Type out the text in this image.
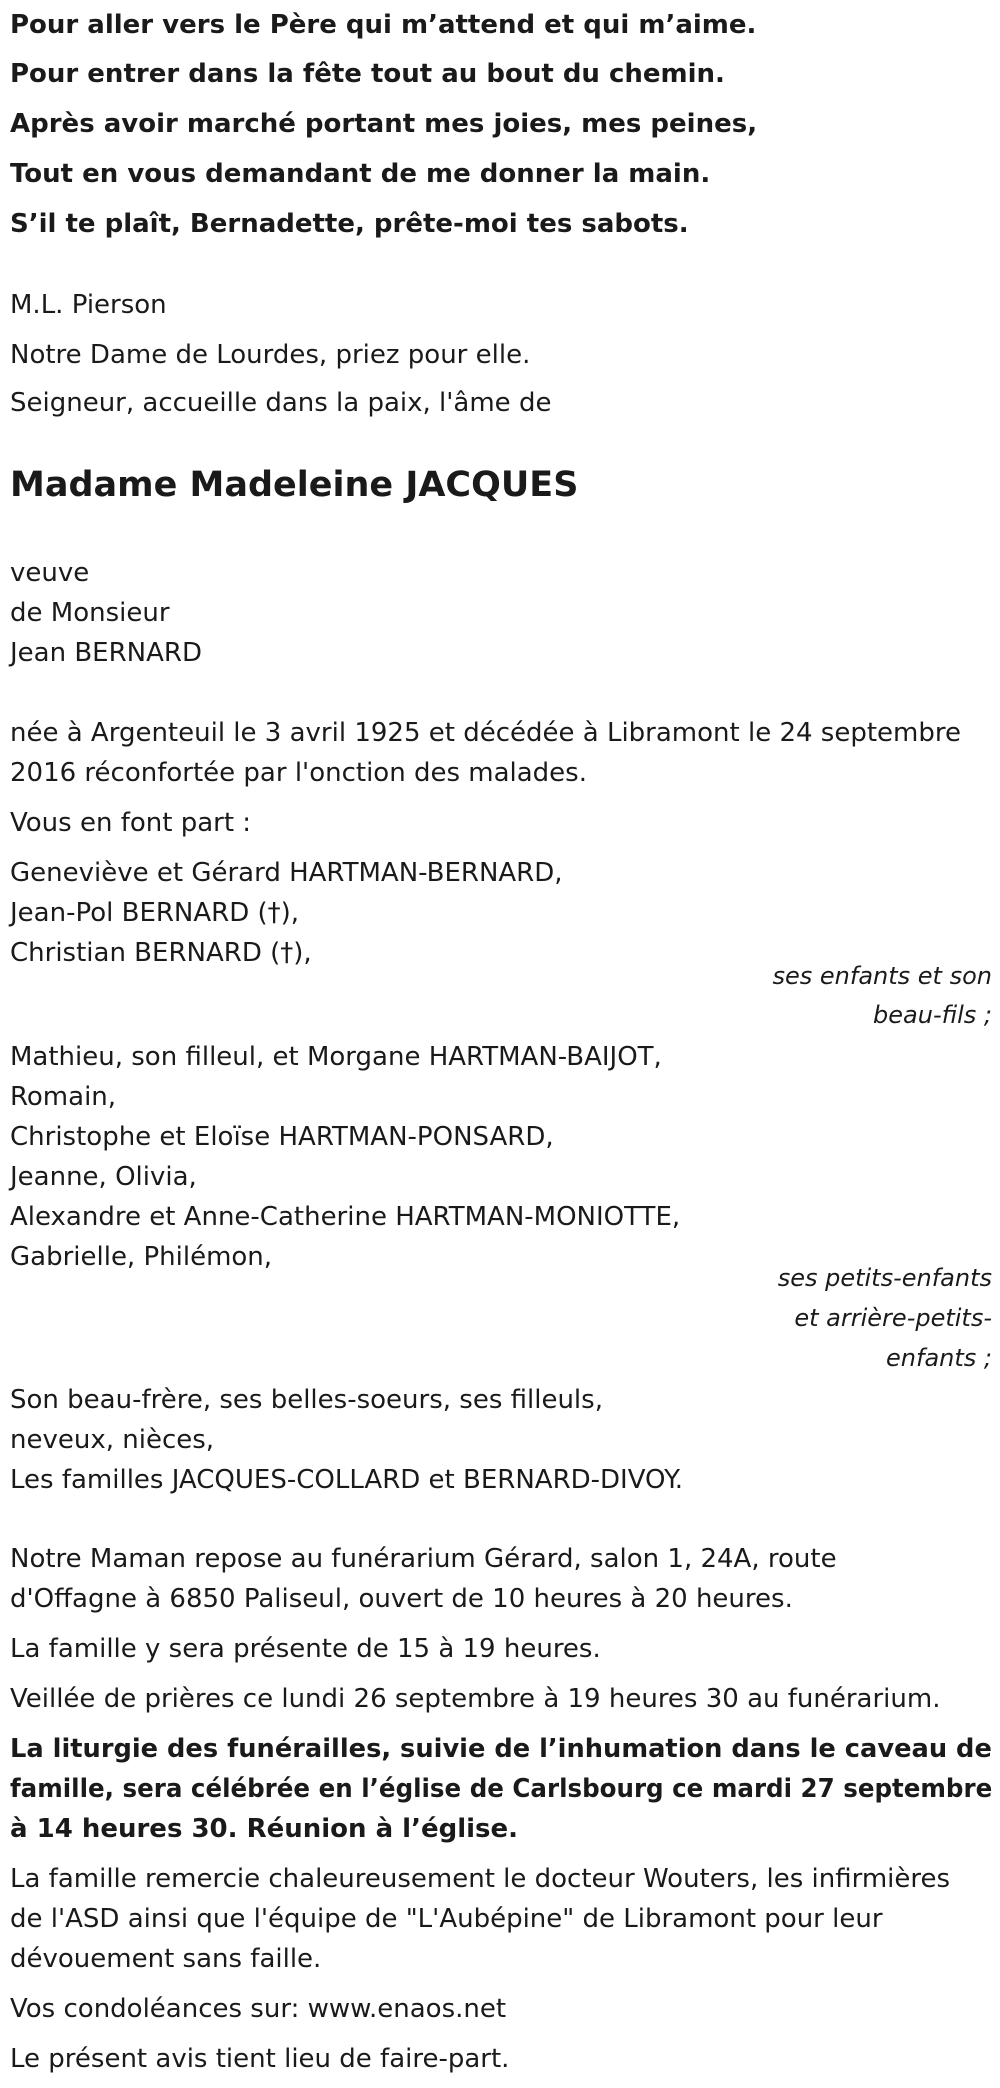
Pour aller vers le Père qui m’attend et qui m’aime.
Pour entrer dans la fête tout au bout du chemin.
Après avoir marché portant mes joies, mes peines,
Tout en vous demandant de me donner la main.
S’il te plaît, Bernadette, prête-moi tes sabots.
M.L. Pierson
Notre Dame de Lourdes, priez pour elle.
Seigneur, accueille dans la paix, l'âme de
Madame Madeleine JACQUES
veuve
de Monsieur
Jean BERNARD
née à Argenteuil le 3 avril 1925 et décédée à Libramont le 24 septembre
2016 réconfortée par l'onction des malades.
Vous en font part :
Geneviève et Gérard HARTMAN-BERNARD,
Jean-Pol BERNARD (†),
Christian BERNARD (†),
ses enfants et son
beau-fils ;
Mathieu, son filleul, et Morgane HARTMAN-BAIJOT,
Romain,
Christophe et Eloïse HARTMAN-PONSARD,
Jeanne, Olivia,
Alexandre et Anne-Catherine HARTMAN-MONIOTTE,
Gabrielle, Philémon,
ses petits-enfants
et arrière-petits-
enfants ;
Son beau-frère, ses belles-soeurs, ses filleuls,
neveux, nièces,
Les familles JACQUES-COLLARD et BERNARD-DIVOY.
Notre Maman repose au funérarium Gérard, salon 1, 24A, route
d'Offagne à 6850 Paliseul, ouvert de 10 heures à 20 heures.
La famille y sera présente de 15 à 19 heures.
Veillée de prières ce lundi 26 septembre à 19 heures 30 au funérarium.
La liturgie des funérailles, suivie de l’inhumation dans le caveau de
famille, sera célébrée en l’église de Carlsbourg ce mardi 27 septembre
à 14 heures 30. Réunion à l’église.
La famille remercie chaleureusement le docteur Wouters, les infirmières
de l'ASD ainsi que l'équipe de "L'Aubépine" de Libramont pour leur
dévouement sans faille.
Vos condoléances sur: www.enaos.net
Le présent avis tient lieu de faire-part.
